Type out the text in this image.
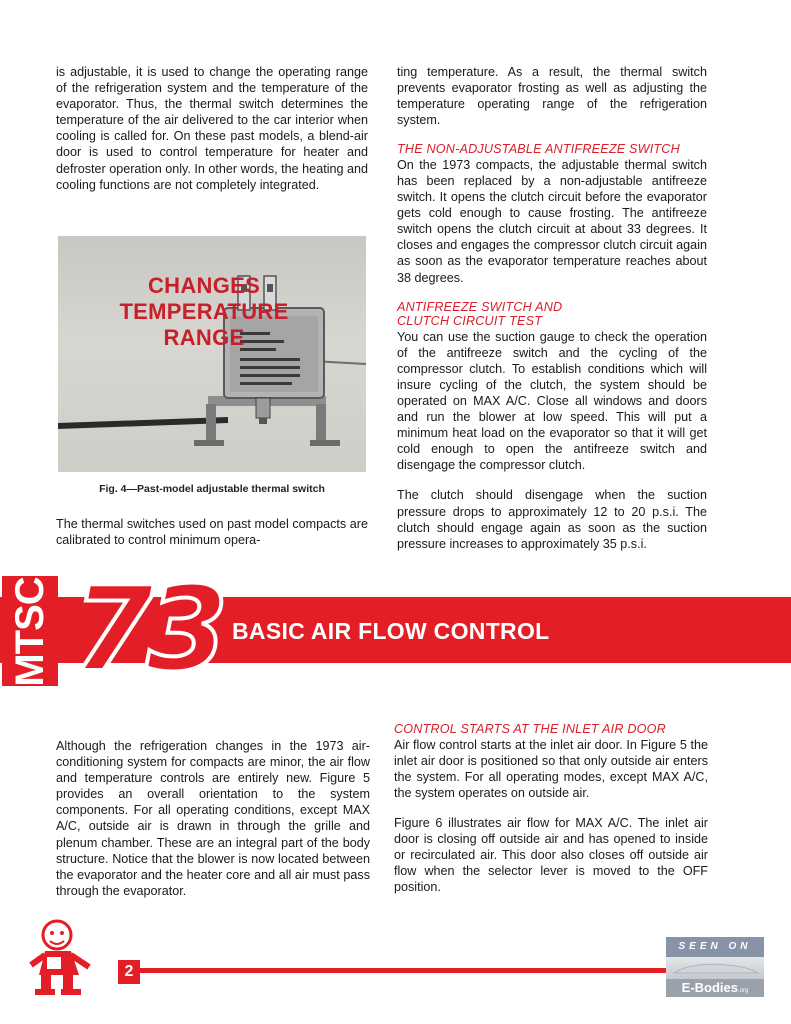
is adjustable, it is used to change the operating range of the refrigeration system and the temperature of the evaporator. Thus, the thermal switch determines the temperature of the air delivered to the car interior when cooling is called for. On these past models, a blend-air door is used to control temperature for heater and defroster operation only. In other words, the heating and cooling functions are not completely integrated.

CHANGES TEMPERATURE RANGE
Fig. 4—Past-model adjustable thermal switch

The thermal switches used on past model compacts are calibrated to control minimum opera-

ting temperature. As a result, the thermal switch prevents evaporator frosting as well as adjusting the temperature operating range of the refrigeration system.

THE NON-ADJUSTABLE ANTIFREEZE SWITCH

On the 1973 compacts, the adjustable thermal switch has been replaced by a non-adjustable antifreeze switch. It opens the clutch circuit before the evaporator gets cold enough to cause frosting. The antifreeze switch opens the clutch circuit at about 33 degrees. It closes and engages the compressor clutch circuit again as soon as the evaporator temperature reaches about 38 degrees.

ANTIFREEZE SWITCH AND
CLUTCH CIRCUIT TEST

You can use the suction gauge to check the operation of the antifreeze switch and the cycling of the compressor clutch. To establish conditions which will insure cycling of the clutch, the system should be operated on MAX A/C. Close all windows and doors and run the blower at low speed. This will put a minimum heat load on the evaporator so that it will get cold enough to open the antifreeze switch and disengage the compressor clutch.

The clutch should disengage when the suction pressure drops to approximately 12 to 20 p.s.i. The clutch should engage again as soon as the suction pressure increases to approximately 35 p.s.i.

MTSC 73 BASIC AIR FLOW CONTROL

Although the refrigeration changes in the 1973 air-conditioning system for compacts are minor, the air flow and temperature controls are entirely new. Figure 5 provides an overall orientation to the system components. For all operating conditions, except MAX A/C, outside air is drawn in through the grille and plenum chamber. These are an integral part of the body structure. Notice that the blower is now located between the evaporator and the heater core and all air must pass through the evaporator.

CONTROL STARTS AT THE INLET AIR DOOR

Air flow control starts at the inlet air door. In Figure 5 the inlet air door is positioned so that only outside air enters the system. For all operating modes, except MAX A/C, the system operates on outside air.

Figure 6 illustrates air flow for MAX A/C. The inlet air door is closing off outside air and has opened to inside or recirculated air. This door also closes off outside air flow when the selector lever is moved to the OFF position.

2
SEEN ON
E-Bodies.org
